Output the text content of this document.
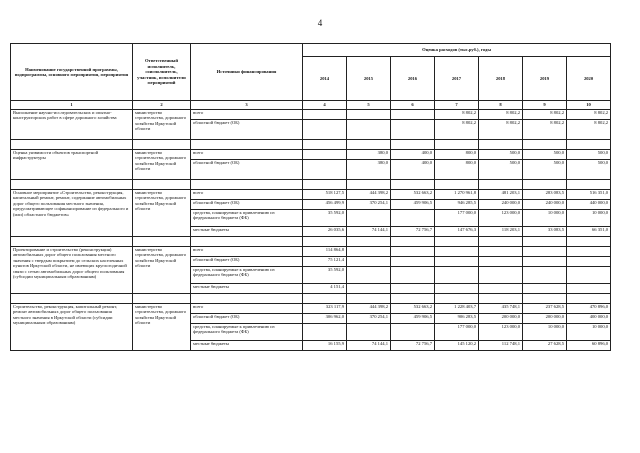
4
Наименование государственной программы, подпрограммы, основного мероприятия, мероприятия	Ответственный исполнитель, соисполнитель, участник, исполнители мероприятий	Источники финансирования	Оценка расходов (тыс.руб.), годы						
			2014	2015	2016	2017	2018	2019	2020
1	2	3	4	5	6	7	8	9	10
Выполнение научно-исследовательских и опытно-конструкторских работ в сфере дорожного хозяйства	министерство строительства, дорожного хозяйства Иркутской области	всего				8 802,2	8 802,2	8 802,2	8 802,2
		областной бюджет (ОБ)				8 802,2	8 802,2	8 802,2	8 802,2

Оценка уязвимости объектов транспортной инфраструктуры	министерство строительства, дорожного хозяйства Иркутской области	всего		380,0	400,0	800,0	500,0	500,0	500,0
		областной бюджет (ОБ)		380,0	400,0	800,0	500,0	500,0	500,0

Основное мероприятие «Строительство, реконструкция, капитальный ремонт, ремонт, содержание автомобильных дорог общего пользования местного значения, предусматривающее софинансирование из федерального и (или) областного бюджетов»	министерство строительства, дорожного хозяйства Иркутской области	всего	518 127,5	444 398,2	532 663,2	1 270 961,8	481 203,1	283 083,5	516 351,0
		областной бюджет (ОБ)	456 499,9	370 254,1	459 906,5	946 285,5	240 000,0	240 000,0	440 000,0
		средства, планируемые к привлечению из федерального бюджета (ФБ)	35 592,0			177 000,0	123 000,0	10 000,0	10 000,0
		местные бюджеты	26 035,6	74 144,1	72 756,7	147 676,3	118 203,1	33 083,5	66 351,0

Проектирование и строительство (реконструкция) автомобильных дорог общего пользования местного значения с твердым покрытием до сельских населенных пунктов Иркутской области, не имеющих круглогодичной связи с сетью автомобильных дорог общего пользования (субсидии муниципальным образованиям)	министерство строительства, дорожного хозяйства Иркутской области	всего	114 864,8						
		областной бюджет (ОБ)	75 121,4						
		средства, планируемые к привлечению из федерального бюджета (ФБ)	35 592,0						
		местные бюджеты	4 151,4						

Строительство, реконструкция, капитальный ремонт, ремонт автомобильных дорог общего пользования местного значения в Иркутской области (субсидии муниципальным образованиям)	министерство строительства, дорожного хозяйства Иркутской области	всего	323 117,9	444 398,2	532 663,2	1 228 403,7	435 748,1	237 628,5	470 896,0
		областной бюджет (ОБ)	306 962,0	370 254,1	459 906,5	906 283,5	200 000,0	200 000,0	400 000,0
		средства, планируемые к привлечению из федерального бюджета (ФБ)				177 000,0	123 000,0	10 000,0	10 000,0
		местные бюджеты	16 155,9	74 144,1	72 756,7	145 120,2	112 748,1	27 628,5	60 896,0
